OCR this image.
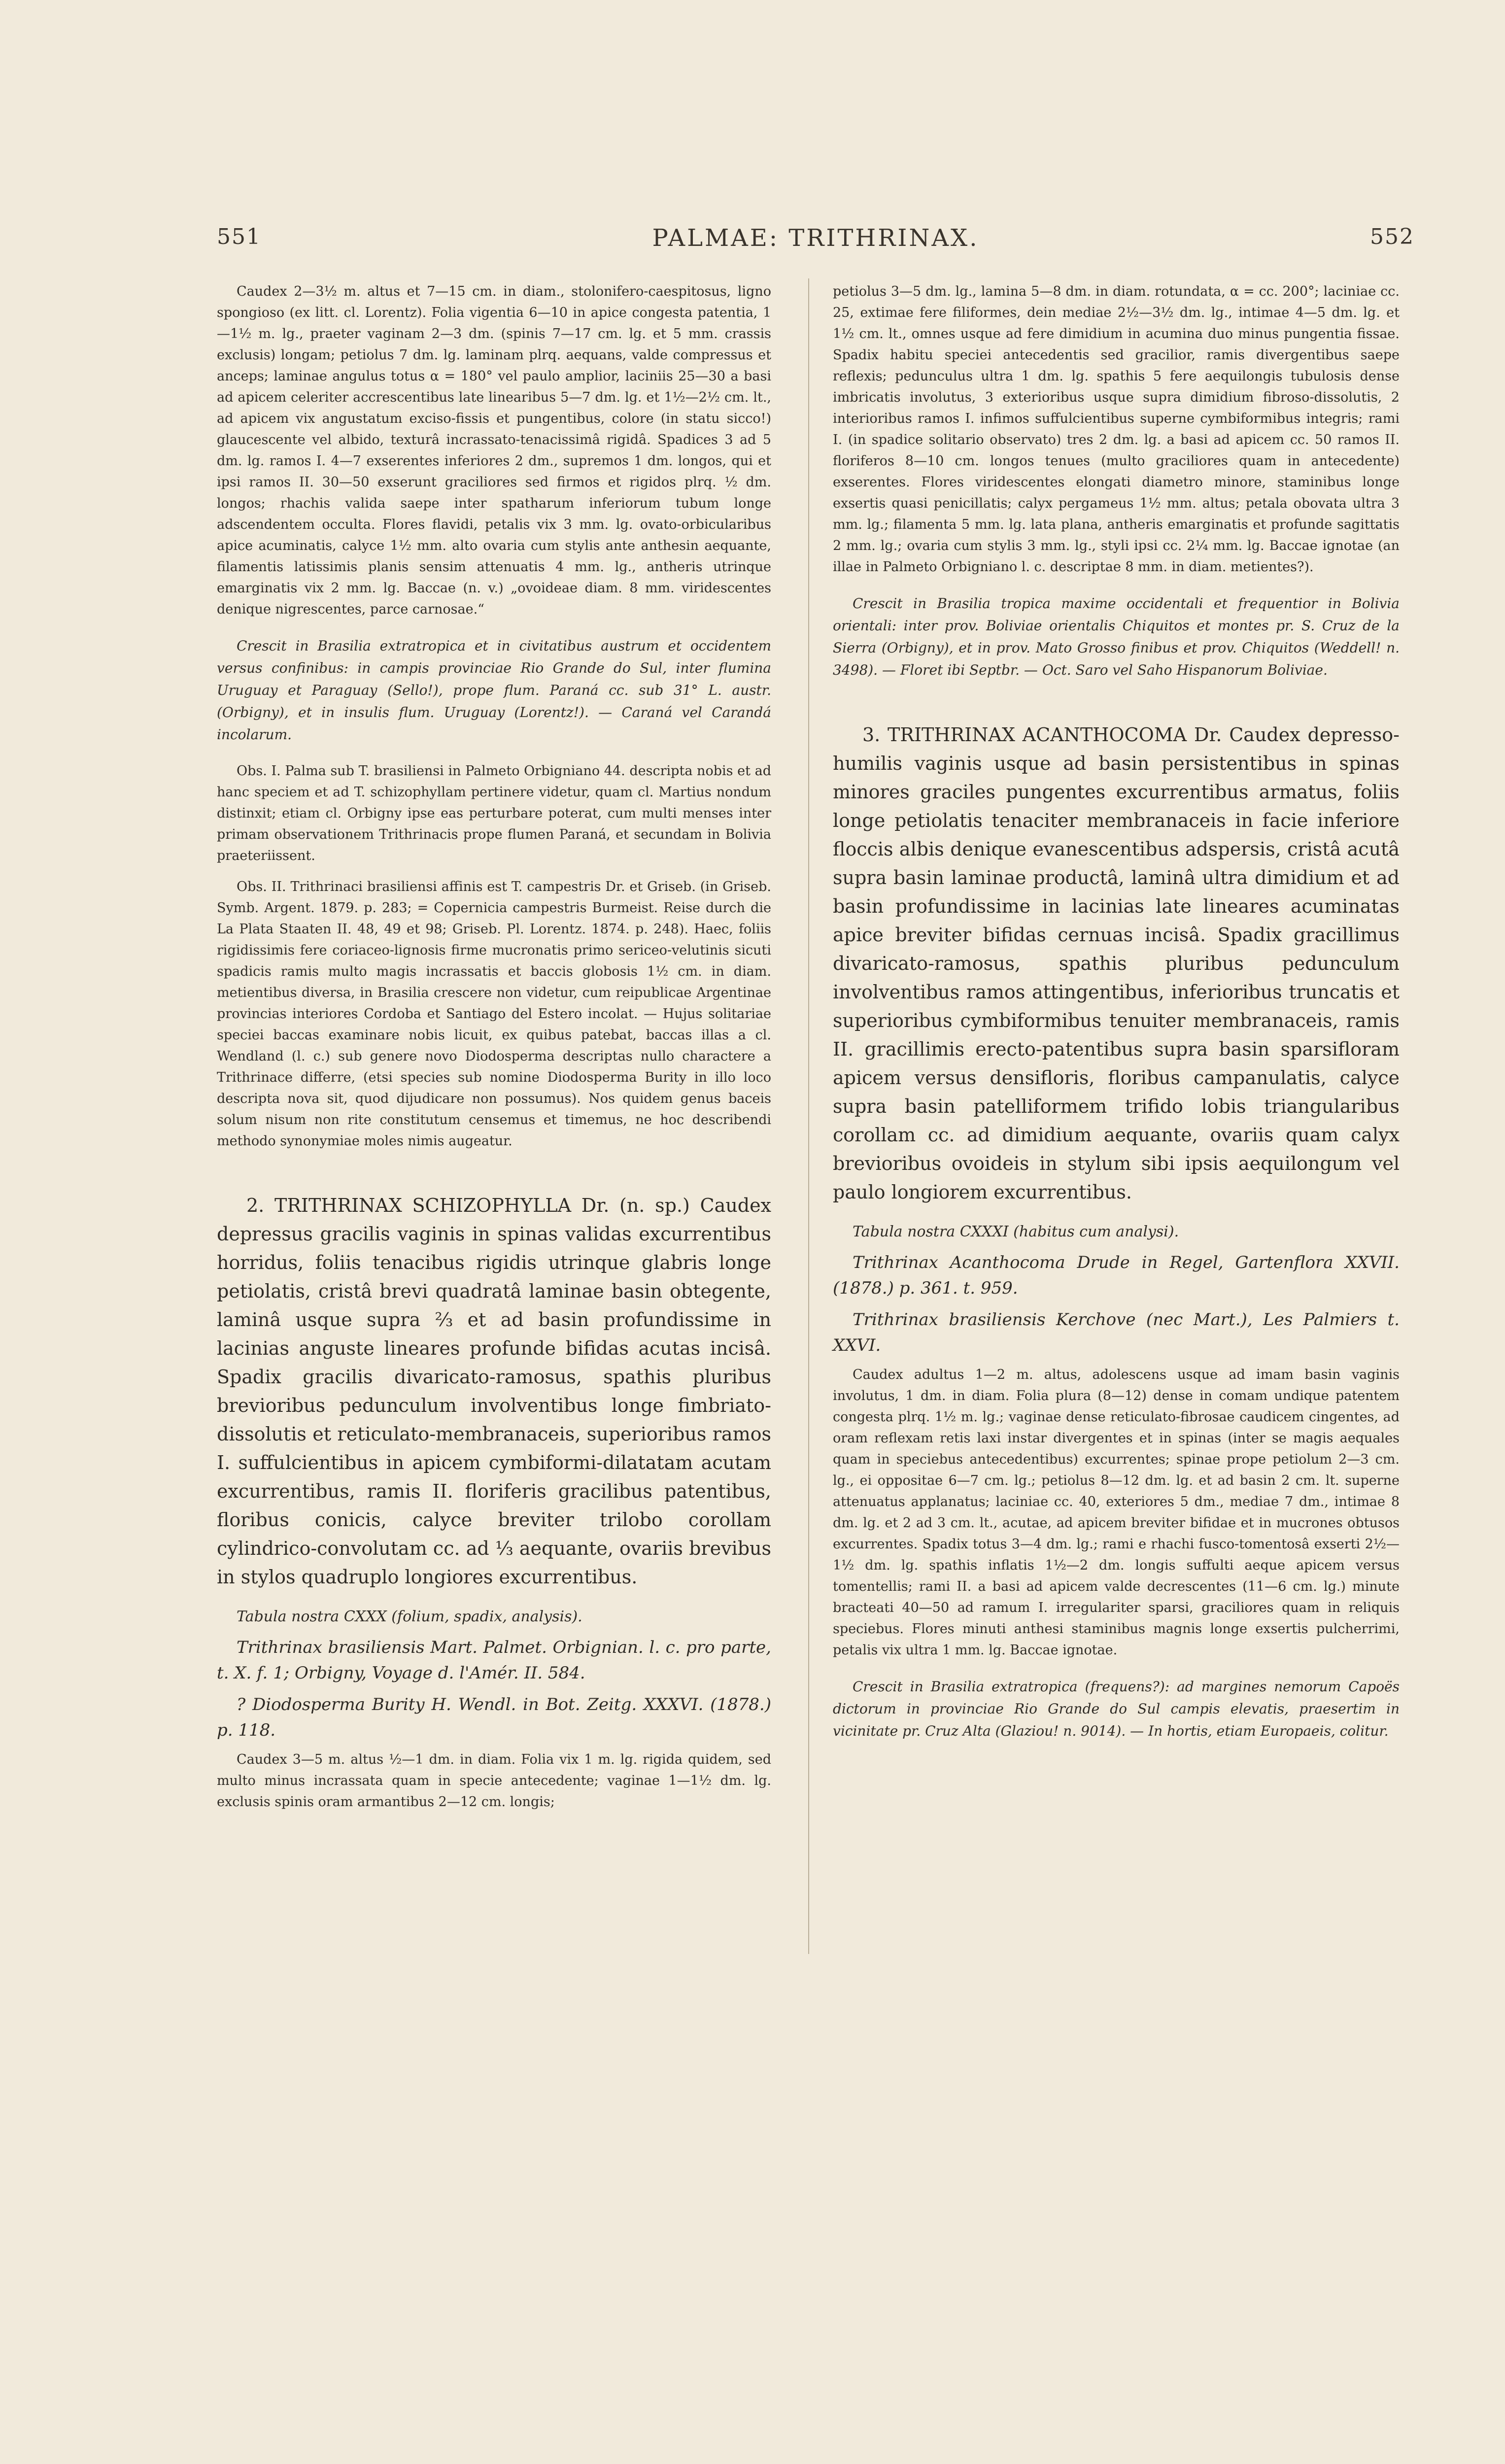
551	PALMAE: TRITHRINAX.	552

Caudex 2—3½ m. altus et 7—15 cm. in diam., stolonifero-caespitosus, ligno spongioso (ex litt. cl. Lorentz). Folia vigentia 6—10 in apice congesta patentia, 1—1½ m. lg., praeter vaginam 2—3 dm. (spinis 7—17 cm. lg. et 5 mm. crassis exclusis) longam; petiolus 7 dm. lg. laminam plrq. aequans, valde compressus et anceps; laminae angulus totus α = 180° vel paulo amplior, laciniis 25—30 a basi ad apicem celeriter accrescentibus late linearibus 5—7 dm. lg. et 1½—2½ cm. lt., ad apicem vix angustatum exciso-fissis et pungentibus, colore (in statu sicco!) glaucescente vel albido, texturâ incrassato-tenacissimâ rigidâ. Spadices 3 ad 5 dm. lg. ramos I. 4—7 exserentes inferiores 2 dm., supremos 1 dm. longos, qui et ipsi ramos II. 30—50 exserunt graciliores sed firmos et rigidos plrq. ½ dm. longos; rhachis valida saepe inter spatharum inferiorum tubum longe adscendentem occulta. Flores flavidi, petalis vix 3 mm. lg. ovato-orbicularibus apice acuminatis, calyce 1½ mm. alto ovaria cum stylis ante anthesin aequante, filamentis latissimis planis sensim attenuatis 4 mm. lg., antheris utrinque emarginatis vix 2 mm. lg. Baccae (n. v.) „ovoideae diam. 8 mm. viridescentes denique nigrescentes, parce carnosae.“

Crescit in Brasilia extratropica et in civitatibus austrum et occidentem versus confinibus: in campis provinciae Rio Grande do Sul, inter flumina Uruguay et Paraguay (Sello!), prope flum. Paraná cc. sub 31° L. austr. (Orbigny), et in insulis flum. Uruguay (Lorentz!). — Caraná vel Carandá incolarum.

Obs. I. Palma sub T. brasiliensi in Palmeto Orbigniano 44. descripta nobis et ad hanc speciem et ad T. schizophyllam pertinere videtur, quam cl. Martius nondum distinxit; etiam cl. Orbigny ipse eas perturbare poterat, cum multi menses inter primam observationem Trithrinacis prope flumen Paraná, et secundam in Bolivia praeteriissent.

Obs. II. Trithrinaci brasiliensi affinis est T. campestris Dr. et Griseb. (in Griseb. Symb. Argent. 1879. p. 283; = Copernicia campestris Burmeist. Reise durch die La Plata Staaten II. 48, 49 et 98; Griseb. Pl. Lorentz. 1874. p. 248). Haec, foliis rigidissimis fere coriaceo-lignosis firme mucronatis primo sericeo-velutinis sicuti spadicis ramis multo magis incrassatis et baccis globosis 1½ cm. in diam. metientibus diversa, in Brasilia crescere non videtur, cum reipublicae Argentinae provincias interiores Cordoba et Santiago del Estero incolat. — Hujus solitariae speciei baccas examinare nobis licuit, ex quibus patebat, baccas illas a cl. Wendland (l. c.) sub genere novo Diodosperma descriptas nullo charactere a Trithrinace differre, (etsi species sub nomine Diodosperma Burity in illo loco descripta nova sit, quod dijudicare non possumus). Nos quidem genus baceis solum nisum non rite constitutum censemus et timemus, ne hoc describendi methodo synonymiae moles nimis augeatur.

2. TRITHRINAX SCHIZOPHYLLA Dr. (n. sp.) Caudex depressus gracilis vaginis in spinas validas excurrentibus horridus, foliis tenacibus rigidis utrinque glabris longe petiolatis, cristâ brevi quadratâ laminae basin obtegente, laminâ usque supra ⅔ et ad basin profundissime in lacinias anguste lineares profunde bifidas acutas incisâ. Spadix gracilis divaricato-ramosus, spathis pluribus brevioribus pedunculum involventibus longe fimbriato-dissolutis et reticulato-membranaceis, superioribus ramos I. suffulcientibus in apicem cymbiformi-dilatatam acutam excurrentibus, ramis II. floriferis gracilibus patentibus, floribus conicis, calyce breviter trilobo corollam cylindrico-convolutam cc. ad ⅓ aequante, ovariis brevibus in stylos quadruplo longiores excurrentibus.

Tabula nostra CXXX (folium, spadix, analysis).

Trithrinax brasiliensis Mart. Palmet. Orbignian. l. c. pro parte, t. X. f. 1; Orbigny, Voyage d. l'Amér. II. 584.

? Diodosperma Burity H. Wendl. in Bot. Zeitg. XXXVI. (1878.) p. 118.

Caudex 3—5 m. altus ½—1 dm. in diam. Folia vix 1 m. lg. rigida quidem, sed multo minus incrassata quam in specie antecedente; vaginae 1—1½ dm. lg. exclusis spinis oram armantibus 2—12 cm. longis;

petiolus 3—5 dm. lg., lamina 5—8 dm. in diam. rotundata, α = cc. 200°; laciniae cc. 25, extimae fere filiformes, dein mediae 2½—3½ dm. lg., intimae 4—5 dm. lg. et 1½ cm. lt., omnes usque ad fere dimidium in acumina duo minus pungentia fissae. Spadix habitu speciei antecedentis sed gracilior, ramis divergentibus saepe reflexis; pedunculus ultra 1 dm. lg. spathis 5 fere aequilongis tubulosis dense imbricatis involutus, 3 exterioribus usque supra dimidium fibroso-dissolutis, 2 interioribus ramos I. infimos suffulcientibus superne cymbiformibus integris; rami I. (in spadice solitario observato) tres 2 dm. lg. a basi ad apicem cc. 50 ramos II. floriferos 8—10 cm. longos tenues (multo graciliores quam in antecedente) exserentes. Flores viridescentes elongati diametro minore, staminibus longe exsertis quasi penicillatis; calyx pergameus 1½ mm. altus; petala obovata ultra 3 mm. lg.; filamenta 5 mm. lg. lata plana, antheris emarginatis et profunde sagittatis 2 mm. lg.; ovaria cum stylis 3 mm. lg., styli ipsi cc. 2¼ mm. lg. Baccae ignotae (an illae in Palmeto Orbigniano l. c. descriptae 8 mm. in diam. metientes?).

Crescit in Brasilia tropica maxime occidentali et frequentior in Bolivia orientali: inter prov. Boliviae orientalis Chiquitos et montes pr. S. Cruz de la Sierra (Orbigny), et in prov. Mato Grosso finibus et prov. Chiquitos (Weddell! n. 3498). — Floret ibi Septbr. — Oct. Saro vel Saho Hispanorum Boliviae.

3. TRITHRINAX ACANTHOCOMA Dr. Caudex depresso-humilis vaginis usque ad basin persistentibus in spinas minores graciles pungentes excurrentibus armatus, foliis longe petiolatis tenaciter membranaceis in facie inferiore floccis albis denique evanescentibus adspersis, cristâ acutâ supra basin laminae productâ, laminâ ultra dimidium et ad basin profundissime in lacinias late lineares acuminatas apice breviter bifidas cernuas incisâ. Spadix gracillimus divaricato-ramosus, spathis pluribus pedunculum involventibus ramos attingentibus, inferioribus truncatis et superioribus cymbiformibus tenuiter membranaceis, ramis II. gracillimis erecto-patentibus supra basin sparsifloram apicem versus densifloris, floribus campanulatis, calyce supra basin patelliformem trifido lobis triangularibus corollam cc. ad dimidium aequante, ovariis quam calyx brevioribus ovoideis in stylum sibi ipsis aequilongum vel paulo longiorem excurrentibus.

Tabula nostra CXXXI (habitus cum analysi).

Trithrinax Acanthocoma Drude in Regel, Gartenflora XXVII. (1878.) p. 361. t. 959.

Trithrinax brasiliensis Kerchove (nec Mart.), Les Palmiers t. XXVI.

Caudex adultus 1—2 m. altus, adolescens usque ad imam basin vaginis involutus, 1 dm. in diam. Folia plura (8—12) dense in comam undique patentem congesta plrq. 1½ m. lg.; vaginae dense reticulato-fibrosae caudicem cingentes, ad oram reflexam retis laxi instar divergentes et in spinas (inter se magis aequales quam in speciebus antecedentibus) excurrentes; spinae prope petiolum 2—3 cm. lg., ei oppositae 6—7 cm. lg.; petiolus 8—12 dm. lg. et ad basin 2 cm. lt. superne attenuatus applanatus; laciniae cc. 40, exteriores 5 dm., mediae 7 dm., intimae 8 dm. lg. et 2 ad 3 cm. lt., acutae, ad apicem breviter bifidae et in mucrones obtusos excurrentes. Spadix totus 3—4 dm. lg.; rami e rhachi fusco-tomentosâ exserti 2½—1½ dm. lg. spathis inflatis 1½—2 dm. longis suffulti aeque apicem versus tomentellis; rami II. a basi ad apicem valde decrescentes (11—6 cm. lg.) minute bracteati 40—50 ad ramum I. irregulariter sparsi, graciliores quam in reliquis speciebus. Flores minuti anthesi staminibus magnis longe exsertis pulcherrimi, petalis vix ultra 1 mm. lg. Baccae ignotae.

Crescit in Brasilia extratropica (frequens?): ad margines nemorum Capoës dictorum in provinciae Rio Grande do Sul campis elevatis, praesertim in vicinitate pr. Cruz Alta (Glaziou! n. 9014). — In hortis, etiam Europaeis, colitur.
